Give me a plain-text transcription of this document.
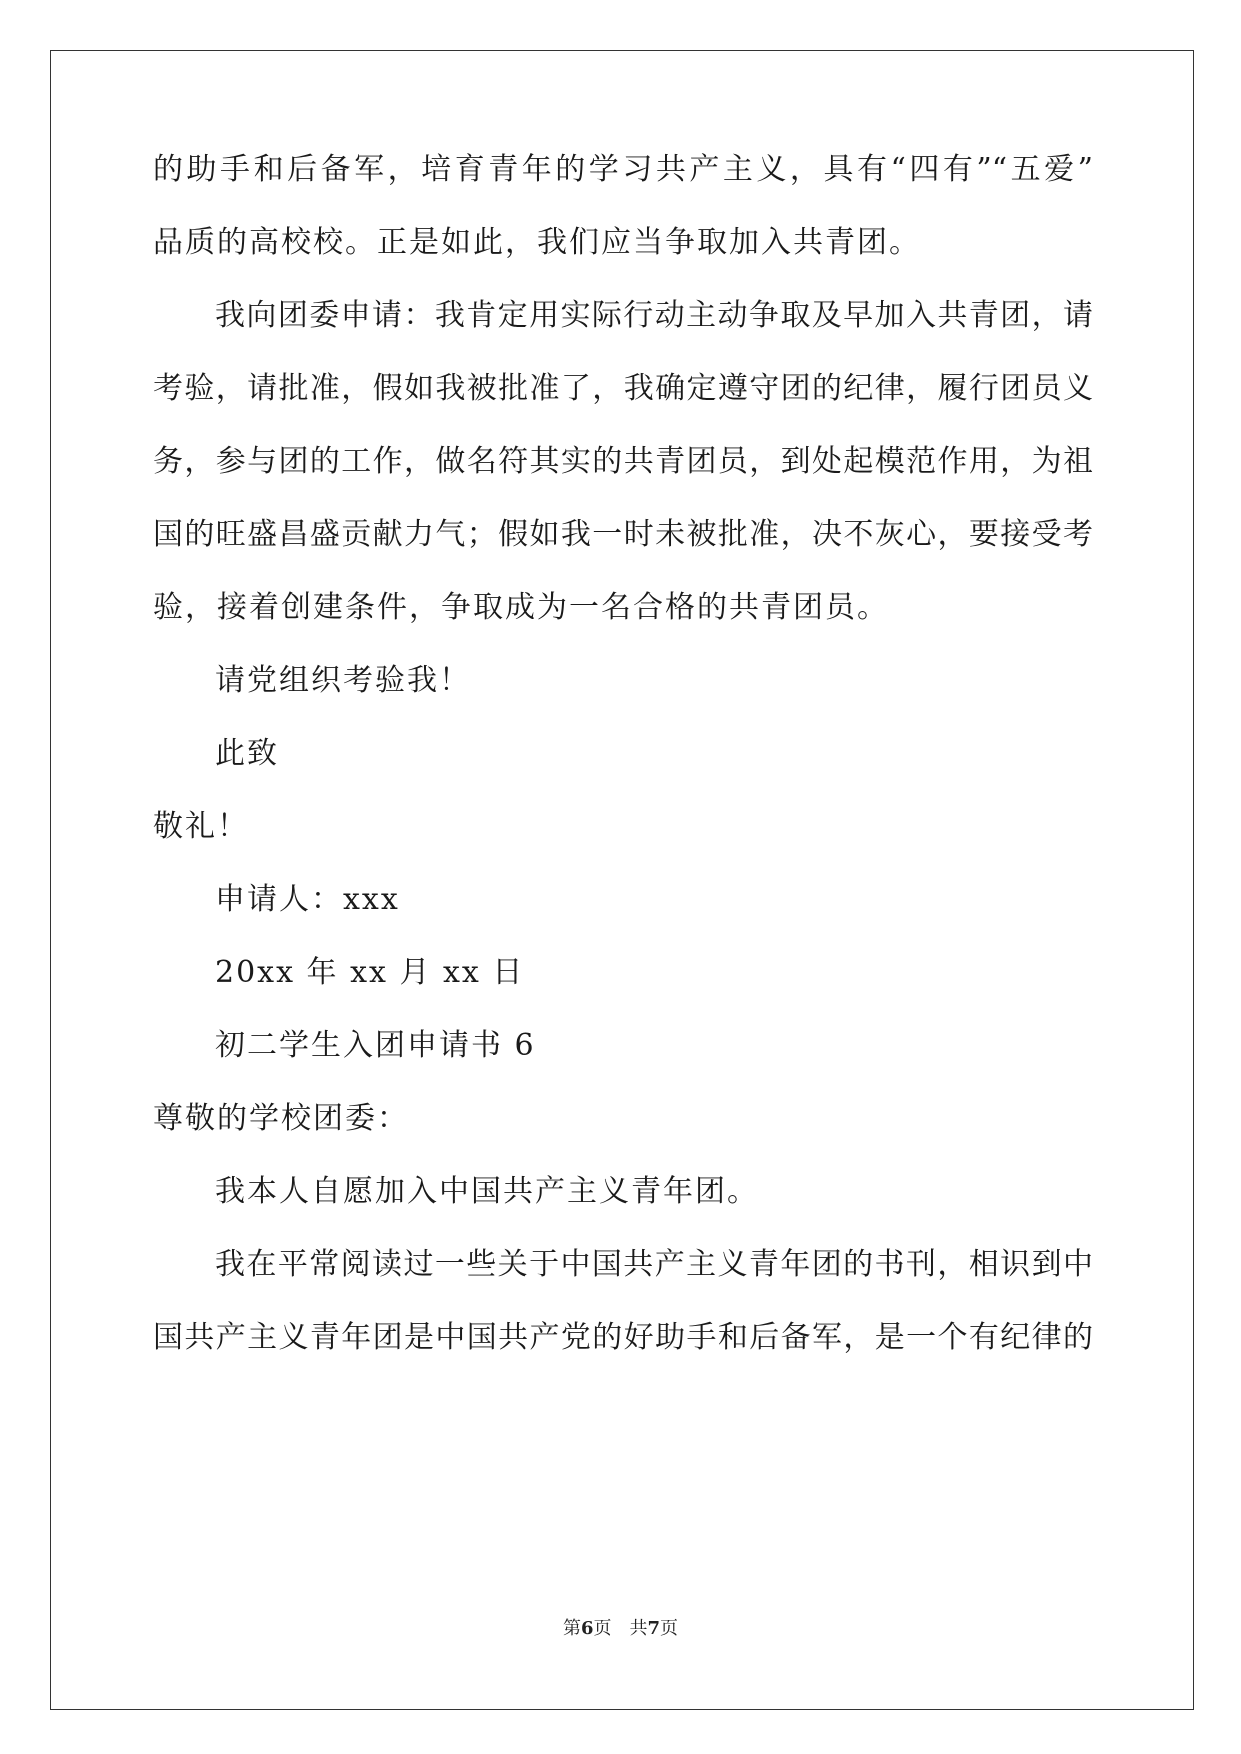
的助手和后备军，培育青年的学习共产主义，具有“四有”“五爱”
品质的高校校。正是如此，我们应当争取加入共青团。
我向团委申请：我肯定用实际行动主动争取及早加入共青团，请
考验，请批准，假如我被批准了，我确定遵守团的纪律，履行团员义
务，参与团的工作，做名符其实的共青团员，到处起模范作用，为祖
国的旺盛昌盛贡献力气；假如我一时未被批准，决不灰心，要接受考
验，接着创建条件，争取成为一名合格的共青团员。
请党组织考验我！
此致
敬礼！
申请人：xxx
20xx 年 xx 月 xx 日
初二学生入团申请书 6
尊敬的学校团委：
我本人自愿加入中国共产主义青年团。
我在平常阅读过一些关于中国共产主义青年团的书刊，相识到中
国共产主义青年团是中国共产党的好助手和后备军，是一个有纪律的
第6页　共7页
